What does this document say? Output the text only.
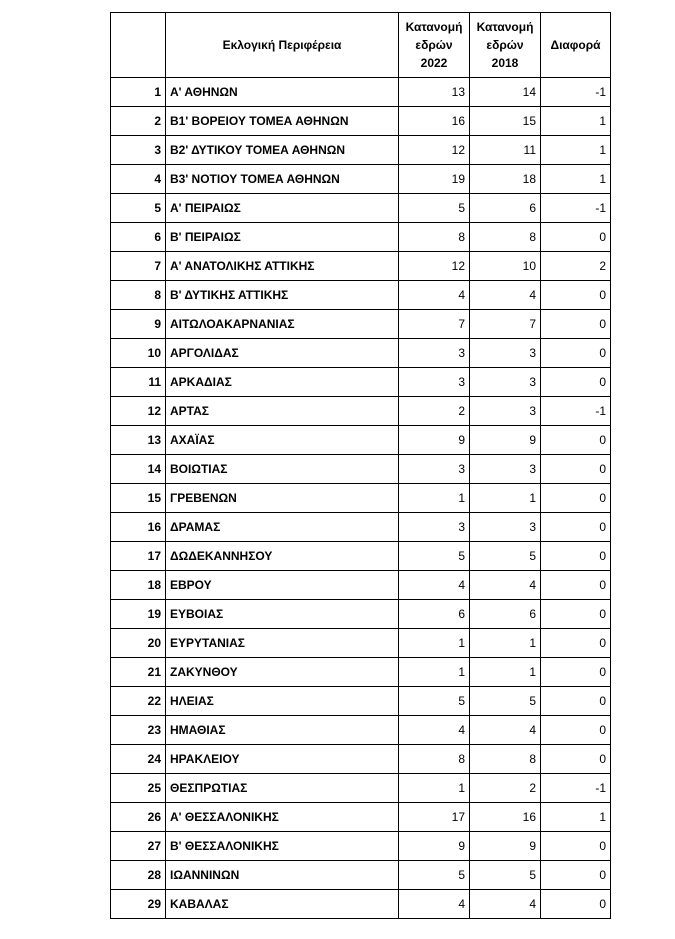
	Εκλογική Περιφέρεια	Κατανομή εδρών 2022	Κατανομή εδρών 2018	Διαφορά
1	Α' ΑΘΗΝΩΝ	13	14	-1
2	Β1' ΒΟΡΕΙΟΥ ΤΟΜΕΑ ΑΘΗΝΩΝ	16	15	1
3	Β2' ΔΥΤΙΚΟΥ ΤΟΜΕΑ ΑΘΗΝΩΝ	12	11	1
4	Β3' ΝΟΤΙΟΥ ΤΟΜΕΑ ΑΘΗΝΩΝ	19	18	1
5	Α' ΠΕΙΡΑΙΩΣ	5	6	-1
6	Β' ΠΕΙΡΑΙΩΣ	8	8	0
7	Α' ΑΝΑΤΟΛΙΚΗΣ ΑΤΤΙΚΗΣ	12	10	2
8	Β' ΔΥΤΙΚΗΣ ΑΤΤΙΚΗΣ	4	4	0
9	ΑΙΤΩΛΟΑΚΑΡΝΑΝΙΑΣ	7	7	0
10	ΑΡΓΟΛΙΔΑΣ	3	3	0
11	ΑΡΚΑΔΙΑΣ	3	3	0
12	ΑΡΤΑΣ	2	3	-1
13	ΑΧΑΪΑΣ	9	9	0
14	ΒΟΙΩΤΙΑΣ	3	3	0
15	ΓΡΕΒΕΝΩΝ	1	1	0
16	ΔΡΑΜΑΣ	3	3	0
17	ΔΩΔΕΚΑΝΝΗΣΟΥ	5	5	0
18	ΕΒΡΟΥ	4	4	0
19	ΕΥΒΟΙΑΣ	6	6	0
20	ΕΥΡΥΤΑΝΙΑΣ	1	1	0
21	ΖΑΚΥΝΘΟΥ	1	1	0
22	ΗΛΕΙΑΣ	5	5	0
23	ΗΜΑΘΙΑΣ	4	4	0
24	ΗΡΑΚΛΕΙΟΥ	8	8	0
25	ΘΕΣΠΡΩΤΙΑΣ	1	2	-1
26	Α' ΘΕΣΣΑΛΟΝΙΚΗΣ	17	16	1
27	Β' ΘΕΣΣΑΛΟΝΙΚΗΣ	9	9	0
28	ΙΩΑΝΝΙΝΩΝ	5	5	0
29	ΚΑΒΑΛΑΣ	4	4	0
